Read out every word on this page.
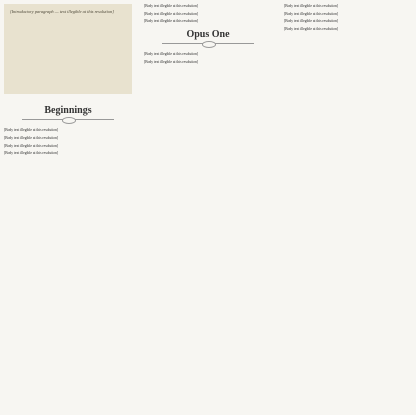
[Introductory paragraph — text illegible at this resolution]
Beginnings

[Body text illegible at this resolution]

[Body text illegible at this resolution]

[Body text illegible at this resolution]

[Body text illegible at this resolution]

[Body text illegible at this resolution]

[Body text illegible at this resolution]

[Body text illegible at this resolution]

Opus One

[Body text illegible at this resolution]

[Body text illegible at this resolution]

[Body text illegible at this resolution]

[Body text illegible at this resolution]

[Body text illegible at this resolution]

[Body text illegible at this resolution]
